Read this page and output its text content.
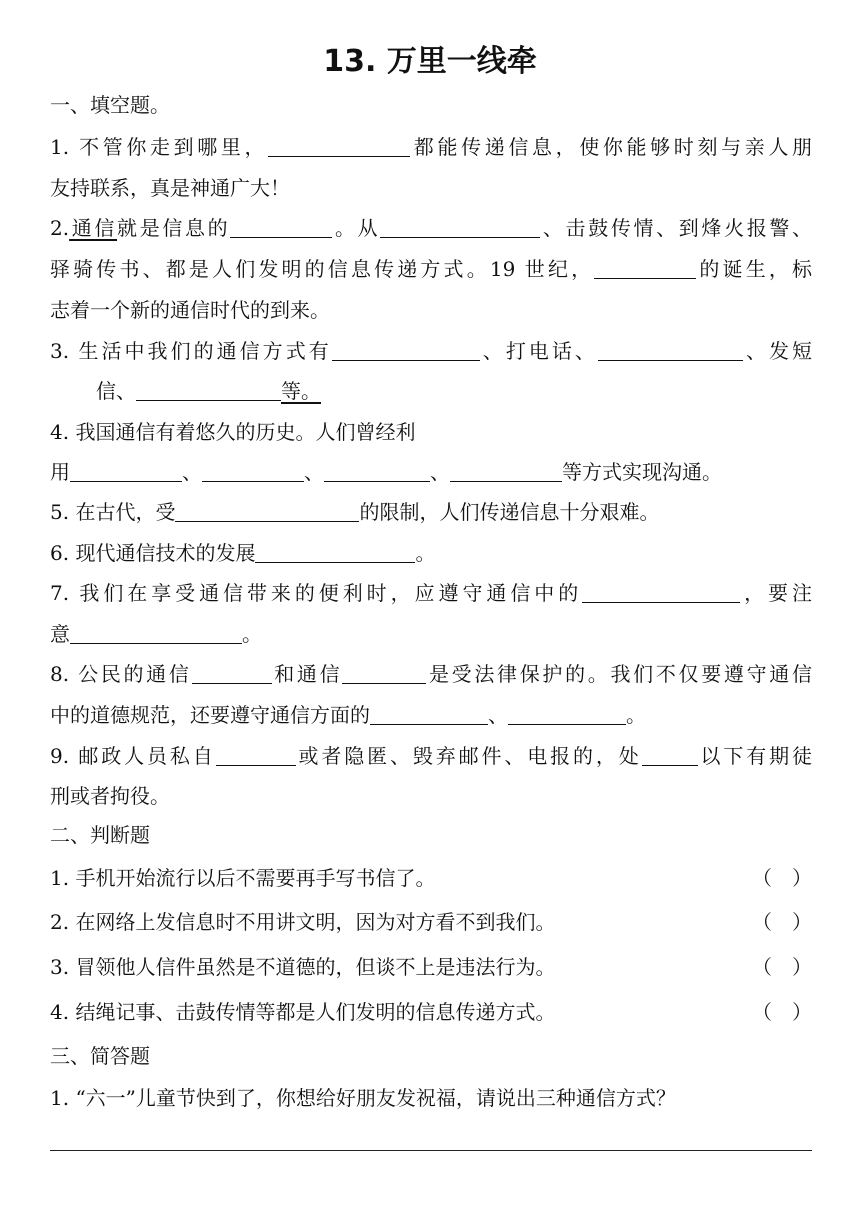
13. 万里一线牵
一、填空题。
1. 不管你走到哪里，	都能传递信息，使你能够时刻与亲人朋
友持联系，真是神通广大！
2.通信就是信息的	。从	、击鼓传情、到烽火报警、
驿骑传书、都是人们发明的信息传递方式。19 世纪，	的诞生，标
志着一个新的通信时代的到来。
3. 生活中我们的通信方式有	、打电话、	、发短
信、	等。
4. 我国通信有着悠久的历史。人们曾经利
用	、	、	、	等方式实现沟通。
5. 在古代，受	的限制，人们传递信息十分艰难。
6. 现代通信技术的发展	。
7. 我们在享受通信带来的便利时，应遵守通信中的	，要注
意	。
8. 公民的通信	和通信	是受法律保护的。我们不仅要遵守通信
中的道德规范，还要遵守通信方面的	、	。
9. 邮政人员私自	或者隐匿、毁弃邮件、电报的，处	以下有期徒
刑或者拘役。
二、判断题
1. 手机开始流行以后不需要再手写书信了。	（ ）
2. 在网络上发信息时不用讲文明，因为对方看不到我们。	（ ）
3. 冒领他人信件虽然是不道德的，但谈不上是违法行为。	（ ）
4. 结绳记事、击鼓传情等都是人们发明的信息传递方式。	（ ）
三、简答题
1. “六一”儿童节快到了，你想给好朋友发祝福，请说出三种通信方式？
